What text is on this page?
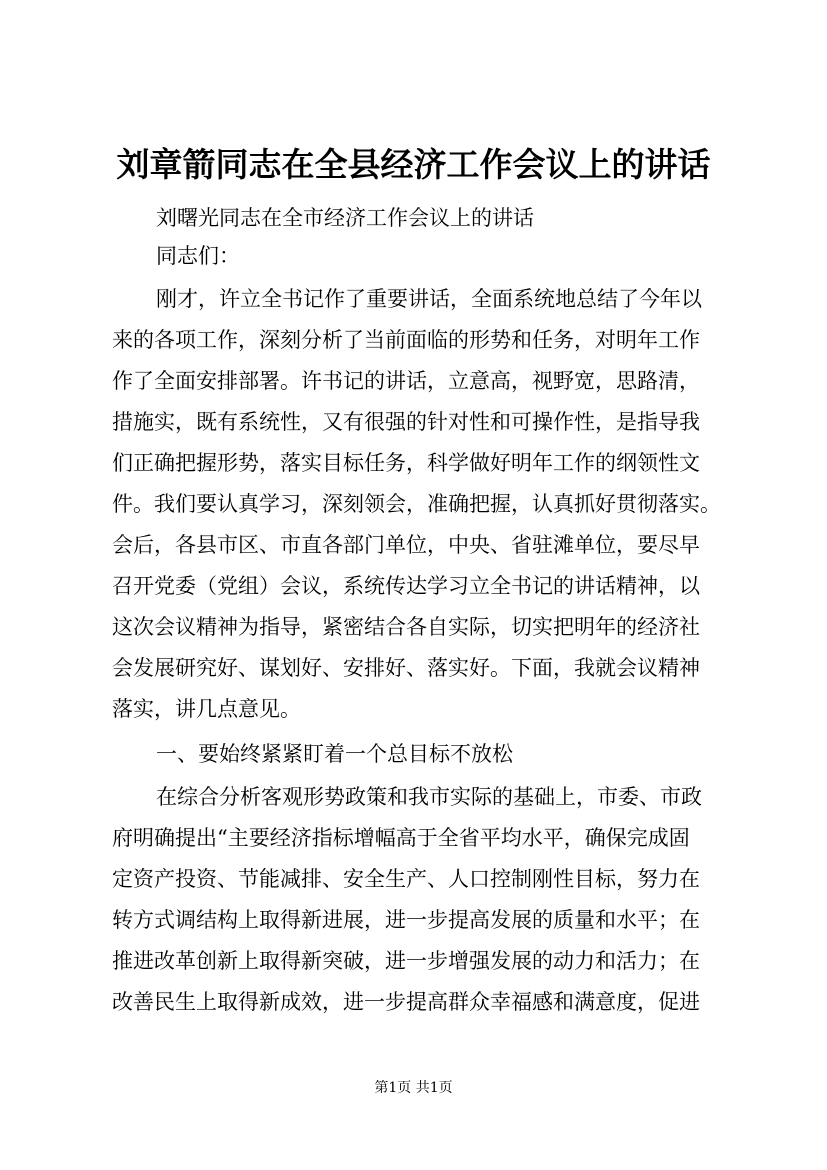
刘章箭同志在全县经济工作会议上的讲话
刘曙光同志在全市经济工作会议上的讲话
同志们：
刚才，许立全书记作了重要讲话，全面系统地总结了今年以
来的各项工作，深刻分析了当前面临的形势和任务，对明年工作
作了全面安排部署。许书记的讲话，立意高，视野宽，思路清，
措施实，既有系统性，又有很强的针对性和可操作性，是指导我
们正确把握形势，落实目标任务，科学做好明年工作的纲领性文
件。我们要认真学习，深刻领会，准确把握，认真抓好贯彻落实。
会后，各县市区、市直各部门单位，中央、省驻滩单位，要尽早
召开党委（党组）会议，系统传达学习立全书记的讲话精神，以
这次会议精神为指导，紧密结合各自实际，切实把明年的经济社
会发展研究好、谋划好、安排好、落实好。下面，我就会议精神
落实，讲几点意见。
一、要始终紧紧盯着一个总目标不放松
在综合分析客观形势政策和我市实际的基础上，市委、市政
府明确提出“主要经济指标增幅高于全省平均水平，确保完成固
定资产投资、节能减排、安全生产、人口控制刚性目标，努力在
转方式调结构上取得新进展，进一步提高发展的质量和水平；在
推进改革创新上取得新突破，进一步增强发展的动力和活力；在
改善民生上取得新成效，进一步提高群众幸福感和满意度，促进
第1页 共1页
